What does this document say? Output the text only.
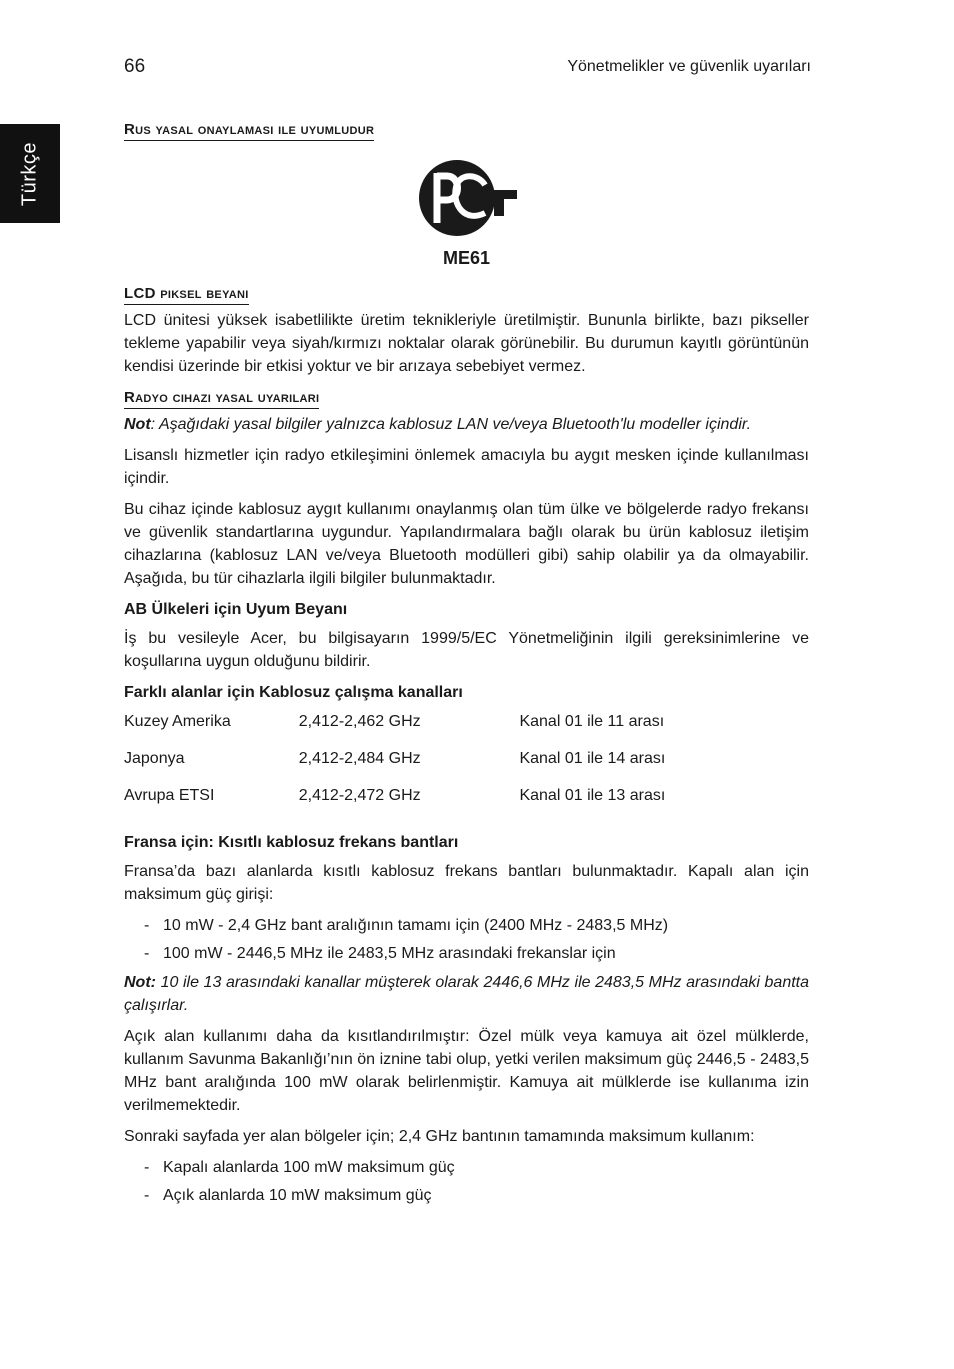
66	Yönetmelikler ve güvenlik uyarıları
Türkçe
Rus yasal onaylaması ile uyumludur
ME61
LCD piksel beyanı

LCD ünitesi yüksek isabetlilikte üretim teknikleriyle üretilmiştir. Bununla birlikte, bazı pikseller tekleme yapabilir veya siyah/kırmızı noktalar olarak görünebilir. Bu durumun kayıtlı görüntünün kendisi üzerinde bir etkisi yoktur ve bir arızaya sebebiyet vermez.

Radyo cihazı yasal uyarıları

Not: Aşağıdaki yasal bilgiler yalnızca kablosuz LAN ve/veya Bluetooth'lu modeller içindir.

Lisanslı hizmetler için radyo etkileşimini önlemek amacıyla bu aygıt mesken içinde kullanılması içindir.

Bu cihaz içinde kablosuz aygıt kullanımı onaylanmış olan tüm ülke ve bölgelerde radyo frekansı ve güvenlik standartlarına uygundur. Yapılandırmalara bağlı olarak bu ürün kablosuz iletişim cihazlarına (kablosuz LAN ve/veya Bluetooth modülleri gibi) sahip olabilir ya da olmayabilir. Aşağıda, bu tür cihazlarla ilgili bilgiler bulunmaktadır.

AB Ülkeleri için Uyum Beyanı

İş bu vesileyle Acer, bu bilgisayarın 1999/5/EC Yönetmeliğinin ilgili gereksinimlerine ve koşullarına uygun olduğunu bildirir.

Farklı alanlar için Kablosuz çalışma kanalları
Kuzey Amerika	2,412-2,462 GHz	Kanal 01 ile 11 arası
Japonya	2,412-2,484 GHz	Kanal 01 ile 14 arası
Avrupa ETSI	2,412-2,472 GHz	Kanal 01 ile 13 arası
Fransa için: Kısıtlı kablosuz frekans bantları

Fransa’da bazı alanlarda kısıtlı kablosuz frekans bantları bulunmaktadır. Kapalı alan için maksimum güç girişi:

- 10 mW - 2,4 GHz bant aralığının tamamı için (2400 MHz - 2483,5 MHz)
- 100 mW - 2446,5 MHz ile 2483,5 MHz arasındaki frekanslar için

Not: 10 ile 13 arasındaki kanallar müşterek olarak 2446,6 MHz ile 2483,5 MHz arasındaki bantta çalışırlar.

Açık alan kullanımı daha da kısıtlandırılmıştır: Özel mülk veya kamuya ait özel mülklerde, kullanım Savunma Bakanlığı’nın ön iznine tabi olup, yetki verilen maksimum güç 2446,5 - 2483,5 MHz bant aralığında 100 mW olarak belirlenmiştir. Kamuya ait mülklerde ise kullanıma izin verilmemektedir.

Sonraki sayfada yer alan bölgeler için; 2,4 GHz bantının tamamında maksimum kullanım:

- Kapalı alanlarda 100 mW maksimum güç
- Açık alanlarda 10 mW maksimum güç
